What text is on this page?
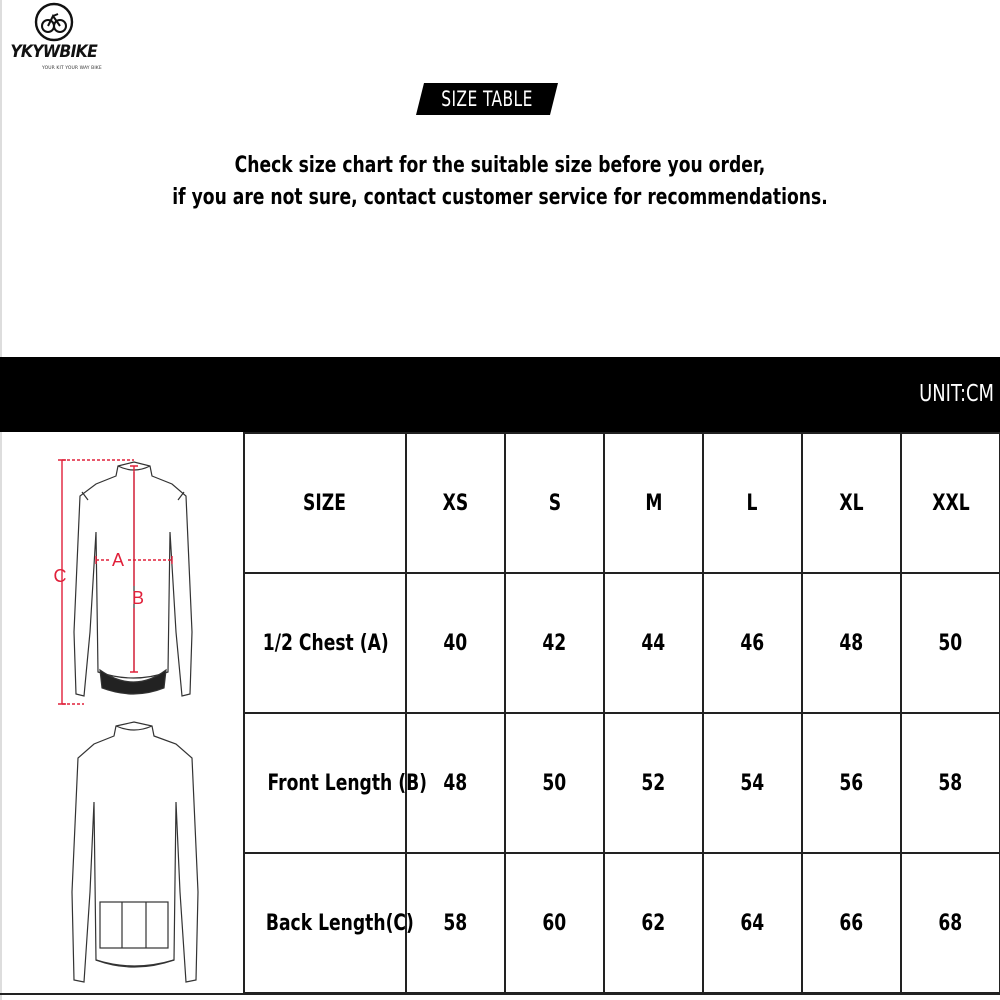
YKYWBIKE
YOUR KIT YOUR WAY BIKE
SIZE TABLE
Check size chart for the suitable size before you order,
if you are not sure, contact customer service for recommendations.
UNIT:CM
A
B
C
SIZE	XS	S	M	L	XL	XXL
1/2 Chest (A)	40	42	44	46	48	50
Front Length (B)	48	50	52	54	56	58
Back Length(C)	58	60	62	64	66	68
